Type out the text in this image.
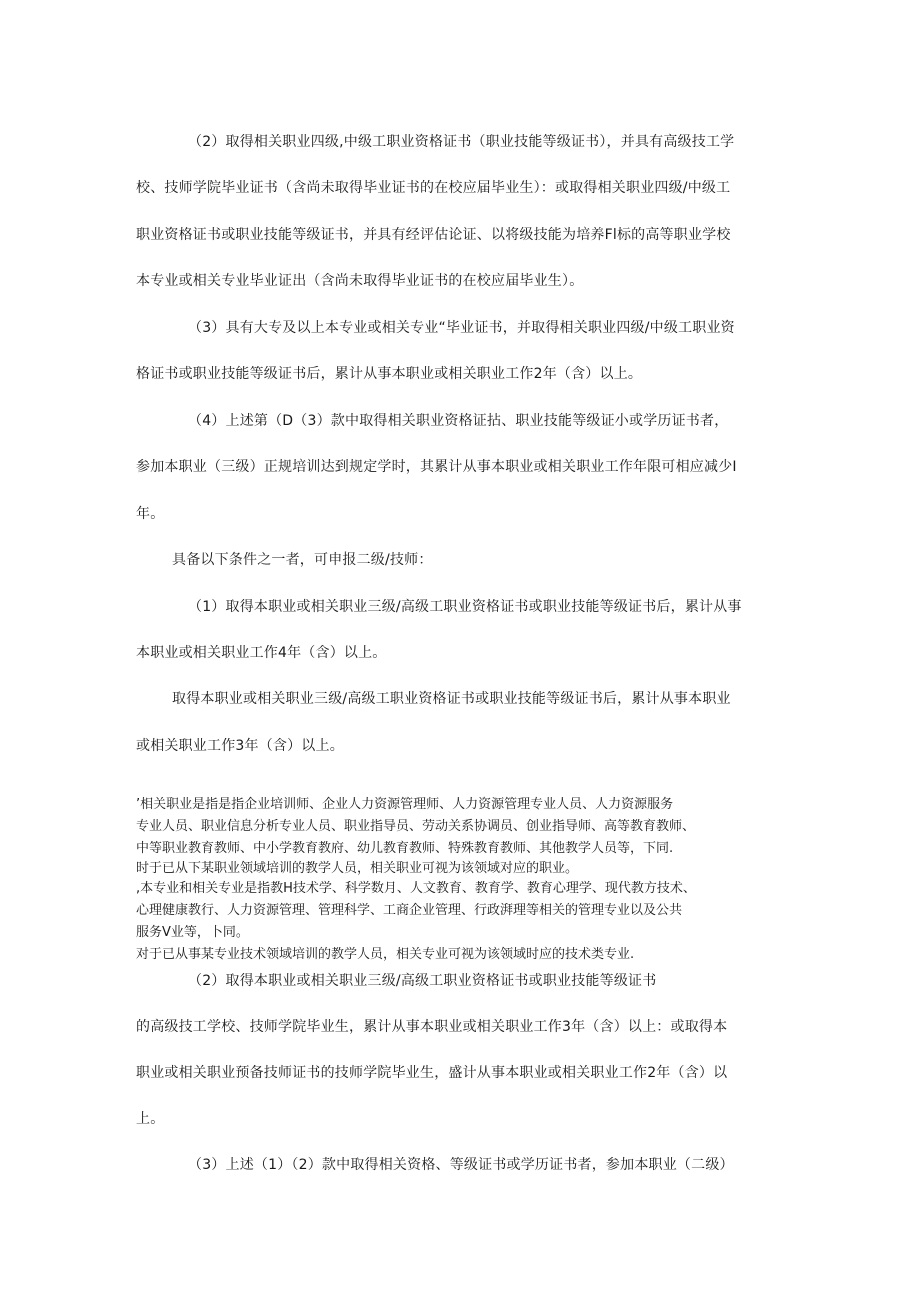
（2）取得相关职业四级,中级工职业资格证书（职业技能等级证书），并具有高级技工学
校、技师学院毕业证书（含尚未取得毕业证书的在校应届毕业生）：或取得相关职业四级/中级工
职业资格证书或职业技能等级证书，并具有经评估论证、以将级技能为培养Fl标的高等职业学校
本专业或相关专业毕业证出（含尚未取得毕业证书的在校应届毕业生）。
（3）具有大专及以上本专业或相关专业“毕业证书，并取得相关职业四级/中级工职业资
格证书或职业技能等级证书后，累计从事本职业或相关职业工作2年（含）以上。
（4）上述第（D（3）款中取得相关职业资格证拈、职业技能等级证小或学历证书者，
参加本职业（三级）正规培训达到规定学时，其累计从事本职业或相关职业工作年限可相应减少I
年。
具备以下条件之一者，可申报二级/技师：
（1）取得本职业或相关职业三级/高级工职业资格证书或职业技能等级证书后，累计从事
本职业或相关职业工作4年（含）以上。
取得本职业或相关职业三级/高级工职业资格证书或职业技能等级证书后，累计从事本职业
或相关职业工作3年（含）以上。
’相关职业是指是指企业培训师、企业人力资源管理师、人力资源管理专业人员、人力资源服务
专业人员、职业信息分析专业人员、职业指导员、劳动关系协调员、创业指导师、高等教育教师、
中等职业教育教师、中小学教育教府、幼儿教育教师、特殊教育教师、其他教学人员等，下同.
时于已从下某职业领域培训的教学人员，相关职业可视为该领域对应的职业。
,本专业和相关专业是指教H技术学、科学数月、人文教育、教育学、教育心理学、现代教方技术、
心理健康教行、人力资源管理、管理科学、工商企业管理、行政湃理等相关的管理专业以及公共
服务V业等，卜同。
对于已从事某专业技术领域培训的教学人员，相关专业可视为该领域时应的技术类专业.
（2）取得本职业或相关职业三级/高级工职业资格证书或职业技能等级证书
的高级技工学校、技师学院毕业生，累计从事本职业或相关职业工作3年（含）以上：或取得本
职业或相关职业预备技师证书的技师学院毕业生，盛计从事本职业或相关职业工作2年（含）以
上。
（3）上述（1）（2）款中取得相关资格、等级证书或学历证书者，参加本职业（二级）
